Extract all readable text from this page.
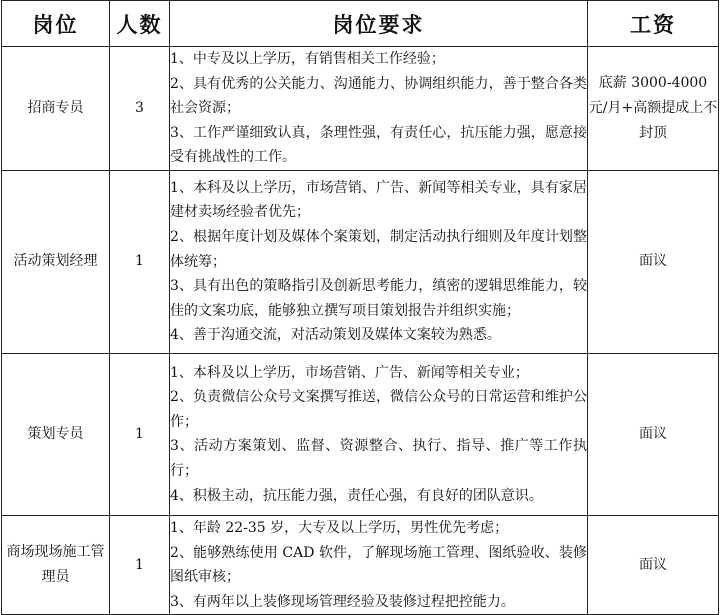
岗位	人数	岗位要求	工资
招商专员	3	1、中专及以上学历，有销售相关工作经验；
2、具有优秀的公关能力、沟通能力、协调组织能力，善于整合各类社会资源；
3、工作严谨细致认真，条理性强，有责任心，抗压能力强，愿意接受有挑战性的工作。	底薪 3000-4000 元/月+高额提成上不封顶
活动策划经理	1	1、本科及以上学历，市场营销、广告、新闻等相关专业，具有家居建材卖场经验者优先；
2、根据年度计划及媒体个案策划，制定活动执行细则及年度计划整体统筹；
3、具有出色的策略指引及创新思考能力，缜密的逻辑思维能力，较佳的文案功底，能够独立撰写项目策划报告并组织实施；
4、善于沟通交流，对活动策划及媒体文案较为熟悉。	面议
策划专员	1	1、本科及以上学历，市场营销、广告、新闻等相关专业；
2、负责微信公众号文案撰写推送，微信公众号的日常运营和维护公作；
3、活动方案策划、监督、资源整合、执行、指导、推广等工作执行；
4、积极主动，抗压能力强，责任心强，有良好的团队意识。	面议
商场现场施工管理员	1	1、年龄 22-35 岁，大专及以上学历，男性优先考虑；
2、能够熟练使用 CAD 软件，了解现场施工管理、图纸验收、装修图纸审核；
3、有两年以上装修现场管理经验及装修过程把控能力。	面议
